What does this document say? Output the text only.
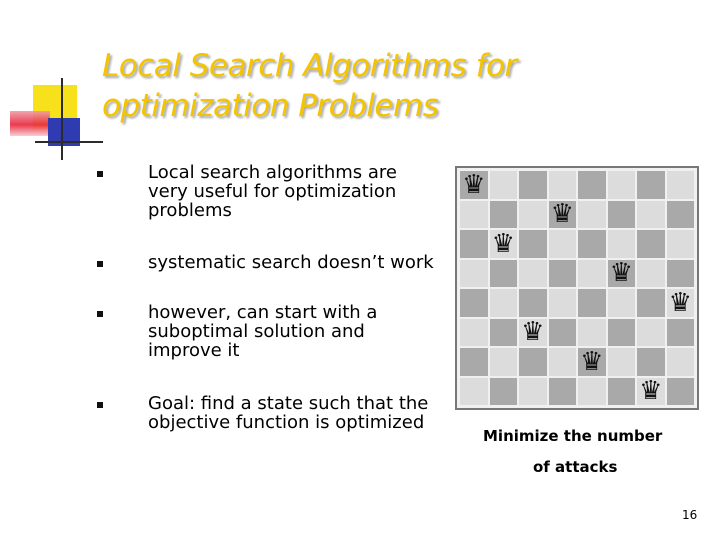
Local Search Algorithms for
optimization Problems
Local search algorithms are
very useful for optimization
problems
systematic search doesn’t work
however, can start with a
suboptimal solution and
improve it
Goal: find a state such that the
objective function is optimized
♛
♛
♛
♛
♛
♛
♛
♛
Minimize the number
of attacks
16
